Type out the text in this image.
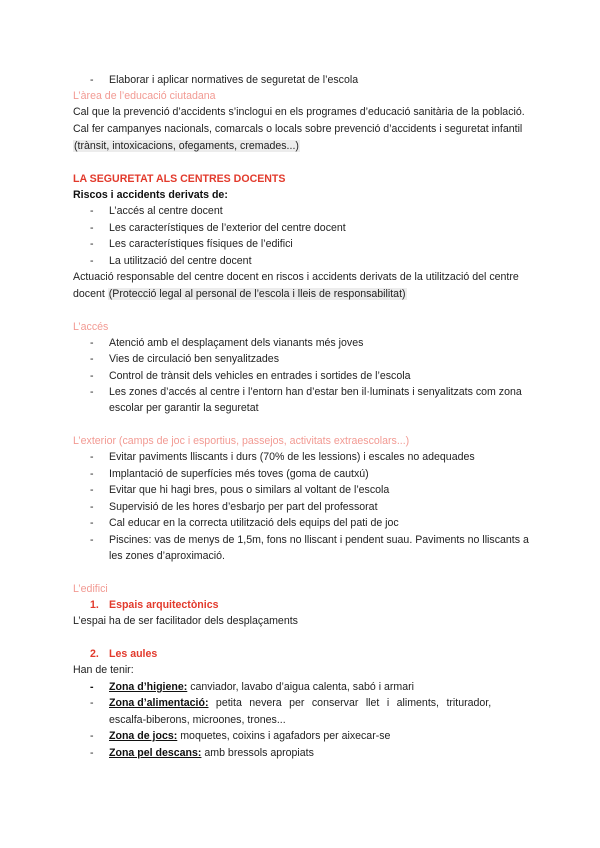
- Elaborar i aplicar normatives de seguretat de l’escola
L’àrea de l’educació ciutadana
Cal que la prevenció d’accidents s’inclogui en els programes d’educació sanitària de la població.
Cal fer campanyes nacionals, comarcals o locals sobre prevenció d’accidents i seguretat infantil
(trànsit, intoxicacions, ofegaments, cremades...)
LA SEGURETAT ALS CENTRES DOCENTS
Riscos i accidents derivats de:
- L’accés al centre docent
- Les característiques de l’exterior del centre docent
- Les característiques físiques de l’edifici
- La utilització del centre docent
Actuació responsable del centre docent en riscos i accidents derivats de la utilització del centre
docent (Protecció legal al personal de l’escola i lleis de responsabilitat)
L’accés
- Atenció amb el desplaçament dels vianants més joves
- Vies de circulació ben senyalitzades
- Control de trànsit dels vehicles en entrades i sortides de l’escola
- Les zones d’accés al centre i l’entorn han d’estar ben il·luminats i senyalitzats com zona
escolar per garantir la seguretat
L’exterior (camps de joc i esportius, passejos, activitats extraescolars...)
- Evitar paviments lliscants i durs (70% de les lessions) i escales no adequades
- Implantació de superfícies més toves (goma de cautxú)
- Evitar que hi hagi bres, pous o similars al voltant de l’escola
- Supervisió de les hores d’esbarjo per part del professorat
- Cal educar en la correcta utilització dels equips del pati de joc
- Piscines: vas de menys de 1,5m, fons no lliscant i pendent suau. Paviments no lliscants a
les zones d’aproximació.
L’edifici
1. Espais arquitectònics
L’espai ha de ser facilitador dels desplaçaments
2. Les aules
Han de tenir:
- Zona d’higiene: canviador, lavabo d’aigua calenta, sabó i armari
- Zona d’alimentació: petita nevera per conservar llet i aliments, triturador,
escalfa-biberons, microones, trones...
- Zona de jocs: moquetes, coixins i agafadors per aixecar-se
- Zona pel descans: amb bressols apropiats
